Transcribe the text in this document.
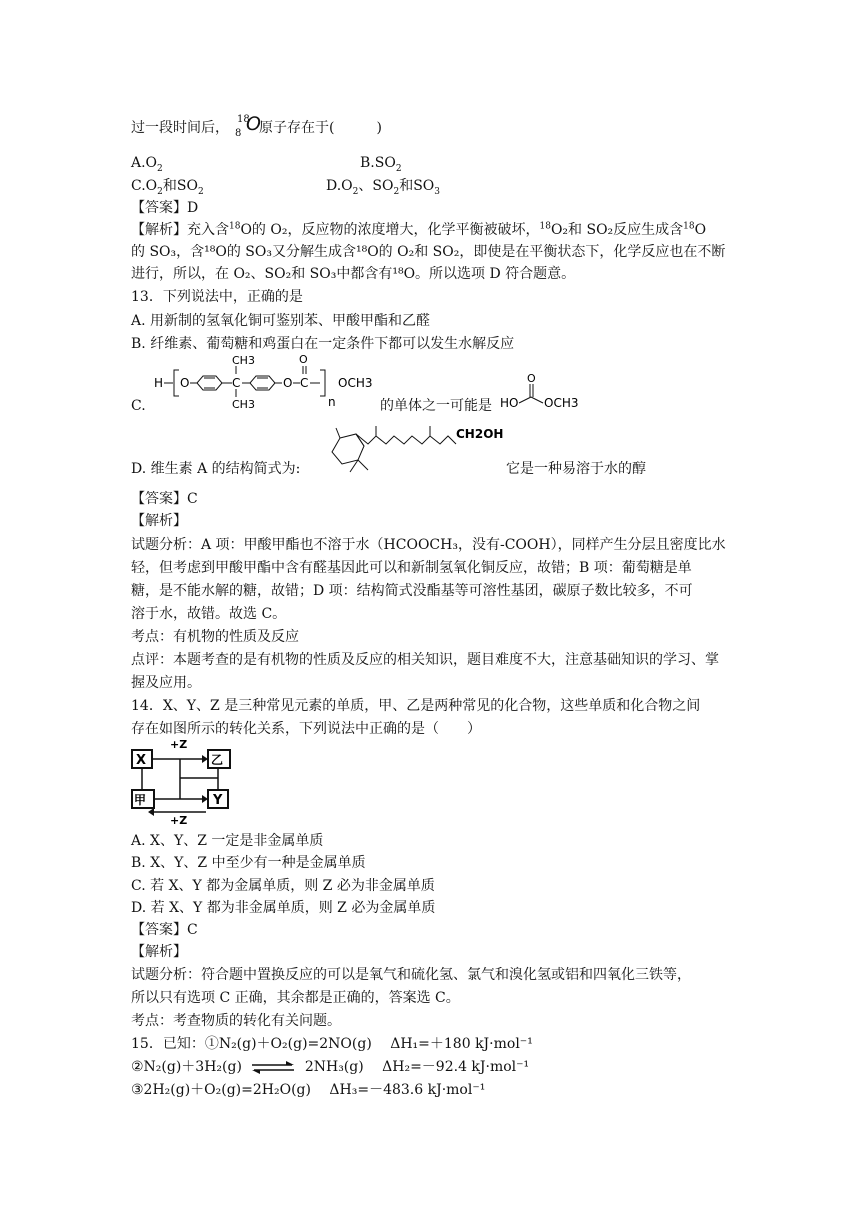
过一段时间后，
18
8 O
原子存在于(　　　)
$A.O_2$	$B.SO_2$
$C.O_2$和$SO_2$	$D.O_2$、$SO_2$和$SO_3$
【答案】D
【解析】充入含$^{18}$O的 O₂，反应物的浓度增大，化学平衡被破坏，$^{18}$O₂和 SO₂反应生成含$^{18}$O
的 SO₃，含¹⁸O的 SO₃又分解生成含¹⁸O的 O₂和 SO₂，即使是在平衡状态下，化学反应也在不断
进行，所以，在 O₂、SO₂和 SO₃中都含有¹⁸O。所以选项 D 符合题意。
13．下列说法中，正确的是
A. 用新制的氢氧化铜可鉴别苯、甲酸甲酯和乙醛
B. 纤维素、葡萄糖和鸡蛋白在一定条件下都可以发生水解反应
H O	C
CH3
CH3
O C
O
n
OCH3
C.	的单体之一可能是 HO
O
OCH3
D. 维生素 A 的结构简式为:
CH2OH
它是一种易溶于水的醇
【答案】C
【解析】
试题分析：A 项：甲酸甲酯也不溶于水（HCOOCH₃，没有-COOH），同样产生分层且密度比水
轻，但考虑到甲酸甲酯中含有醛基因此可以和新制氢氧化铜反应，故错；B 项：葡萄糖是单
糖，是不能水解的糖，故错；D 项：结构简式没酯基等可溶性基团，碳原子数比较多，不可
溶于水，故错。故选 C。
考点：有机物的性质及反应
点评：本题考查的是有机物的性质及反应的相关知识，题目难度不大，注意基础知识的学习、掌
握及应用。
14．X、Y、Z 是三种常见元素的单质，甲、乙是两种常见的化合物，这些单质和化合物之间
存在如图所示的转化关系，下列说法中正确的是（　　）
X	乙
甲	Y
+Z
+Z
A. X、Y、Z 一定是非金属单质
B. X、Y、Z 中至少有一种是金属单质
C. 若 X、Y 都为金属单质，则 Z 必为非金属单质
D. 若 X、Y 都为非金属单质，则 Z 必为金属单质
【答案】C
【解析】
试题分析：符合题中置换反应的可以是氧气和硫化氢、氯气和溴化氢或铝和四氧化三铁等，
所以只有选项 C 正确，其余都是正确的，答案选 C。
考点：考查物质的转化有关问题。
15．已知：①N₂(g)＋O₂(g)=2NO(g)　 ΔH₁=＋180 kJ·mol⁻¹
②N₂(g)＋3H₂(g) ⇌ 2NH₃(g)　 ΔH₂=－92.4 kJ·mol⁻¹
③2H₂(g)＋O₂(g)=2H₂O(g)　 ΔH₃=－483.6 kJ·mol⁻¹
